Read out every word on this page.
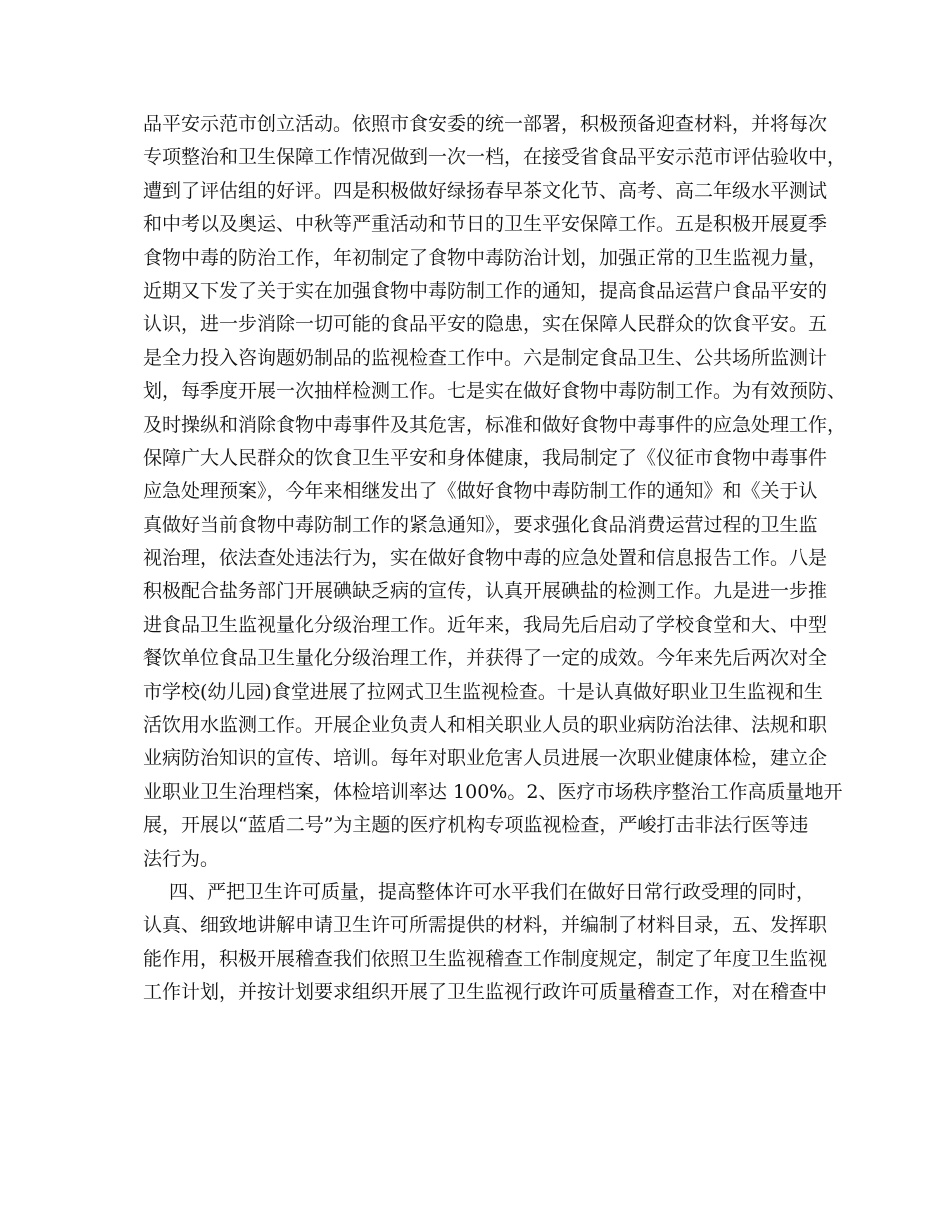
品平安示范市创立活动。依照市食安委的统一部署，积极预备迎查材料，并将每次
专项整治和卫生保障工作情况做到一次一档，在接受省食品平安示范市评估验收中，
遭到了评估组的好评。四是积极做好绿扬春早茶文化节、高考、高二年级水平测试
和中考以及奥运、中秋等严重活动和节日的卫生平安保障工作。五是积极开展夏季
食物中毒的防治工作，年初制定了食物中毒防治计划，加强正常的卫生监视力量，
近期又下发了关于实在加强食物中毒防制工作的通知，提高食品运营户食品平安的
认识，进一步消除一切可能的食品平安的隐患，实在保障人民群众的饮食平安。五
是全力投入咨询题奶制品的监视检查工作中。六是制定食品卫生、公共场所监测计
划，每季度开展一次抽样检测工作。七是实在做好食物中毒防制工作。为有效预防、
及时操纵和消除食物中毒事件及其危害，标准和做好食物中毒事件的应急处理工作，
保障广大人民群众的饮食卫生平安和身体健康，我局制定了《仪征市食物中毒事件
应急处理预案》，今年来相继发出了《做好食物中毒防制工作的通知》和《关于认
真做好当前食物中毒防制工作的紧急通知》，要求强化食品消费运营过程的卫生监
视治理，依法查处违法行为，实在做好食物中毒的应急处置和信息报告工作。八是
积极配合盐务部门开展碘缺乏病的宣传，认真开展碘盐的检测工作。九是进一步推
进食品卫生监视量化分级治理工作。近年来，我局先后启动了学校食堂和大、中型
餐饮单位食品卫生量化分级治理工作，并获得了一定的成效。今年来先后两次对全
市学校(幼儿园)食堂进展了拉网式卫生监视检查。十是认真做好职业卫生监视和生
活饮用水监测工作。开展企业负责人和相关职业人员的职业病防治法律、法规和职
业病防治知识的宣传、培训。每年对职业危害人员进展一次职业健康体检，建立企
业职业卫生治理档案，体检培训率达 100%。2、医疗市场秩序整治工作高质量地开
展，开展以“蓝盾二号”为主题的医疗机构专项监视检查，严峻打击非法行医等违
法行为。
四、严把卫生许可质量，提高整体许可水平我们在做好日常行政受理的同时，
认真、细致地讲解申请卫生许可所需提供的材料，并编制了材料目录，五、发挥职
能作用，积极开展稽查我们依照卫生监视稽查工作制度规定，制定了年度卫生监视
工作计划，并按计划要求组织开展了卫生监视行政许可质量稽查工作，对在稽查中
